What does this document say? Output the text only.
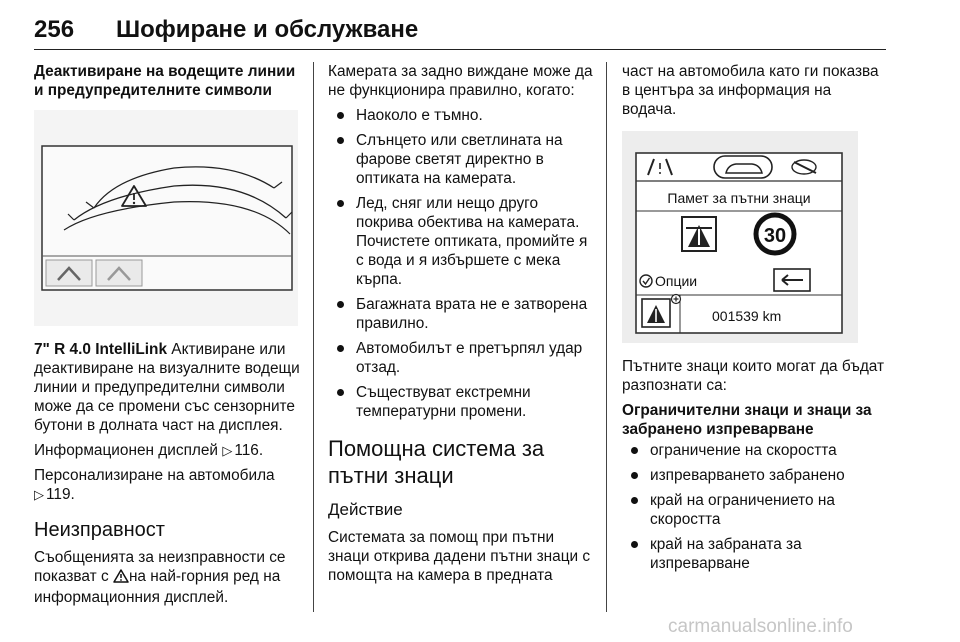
256 Шофиране и обслужване

Деактивиране на водещите линии и предупредителните символи

7" R 4.0 IntelliLink Активиране или деактивиране на визуалните водещи линии и предупредителни символи може да се промени със сензорните бутони в долната част на дисплея.

Информационен дисплей ▷ 116.

Персонализиране на автомобила
▷ 119.

Неизправност

Съобщенията за неизправности се показват с на най-горния ред на информационния дисплей.

Камерата за задно виждане може да не функционира правилно, когато:

Наоколо е тъмно.
Слънцето или светлината на фарове светят директно в оптиката на камерата.
Лед, сняг или нещо друго покрива обектива на камерата. Почистете оптиката, промийте я с вода и я избършете с мека кърпа.
Багажната врата не е затворена правилно.
Автомобилът е претърпял удар отзад.
Съществуват екстремни температурни промени.
Помощна система за пътни знаци
Действие

Системата за помощ при пътни знаци открива дадени пътни знаци с помощта на камера в предната

част на автомобила като ги показва в центъра за информация на водача.

Памет за пътни знаци
30
Опции
001539 km

Пътните знаци които могат да бъдат разпознати са:

Ограничителни знаци и знаци за забранено изпреварване

ограничение на скоростта
изпреварването забранено
край на ограничението на скоростта
край на забраната за изпреварване
carmanualsonline.info
